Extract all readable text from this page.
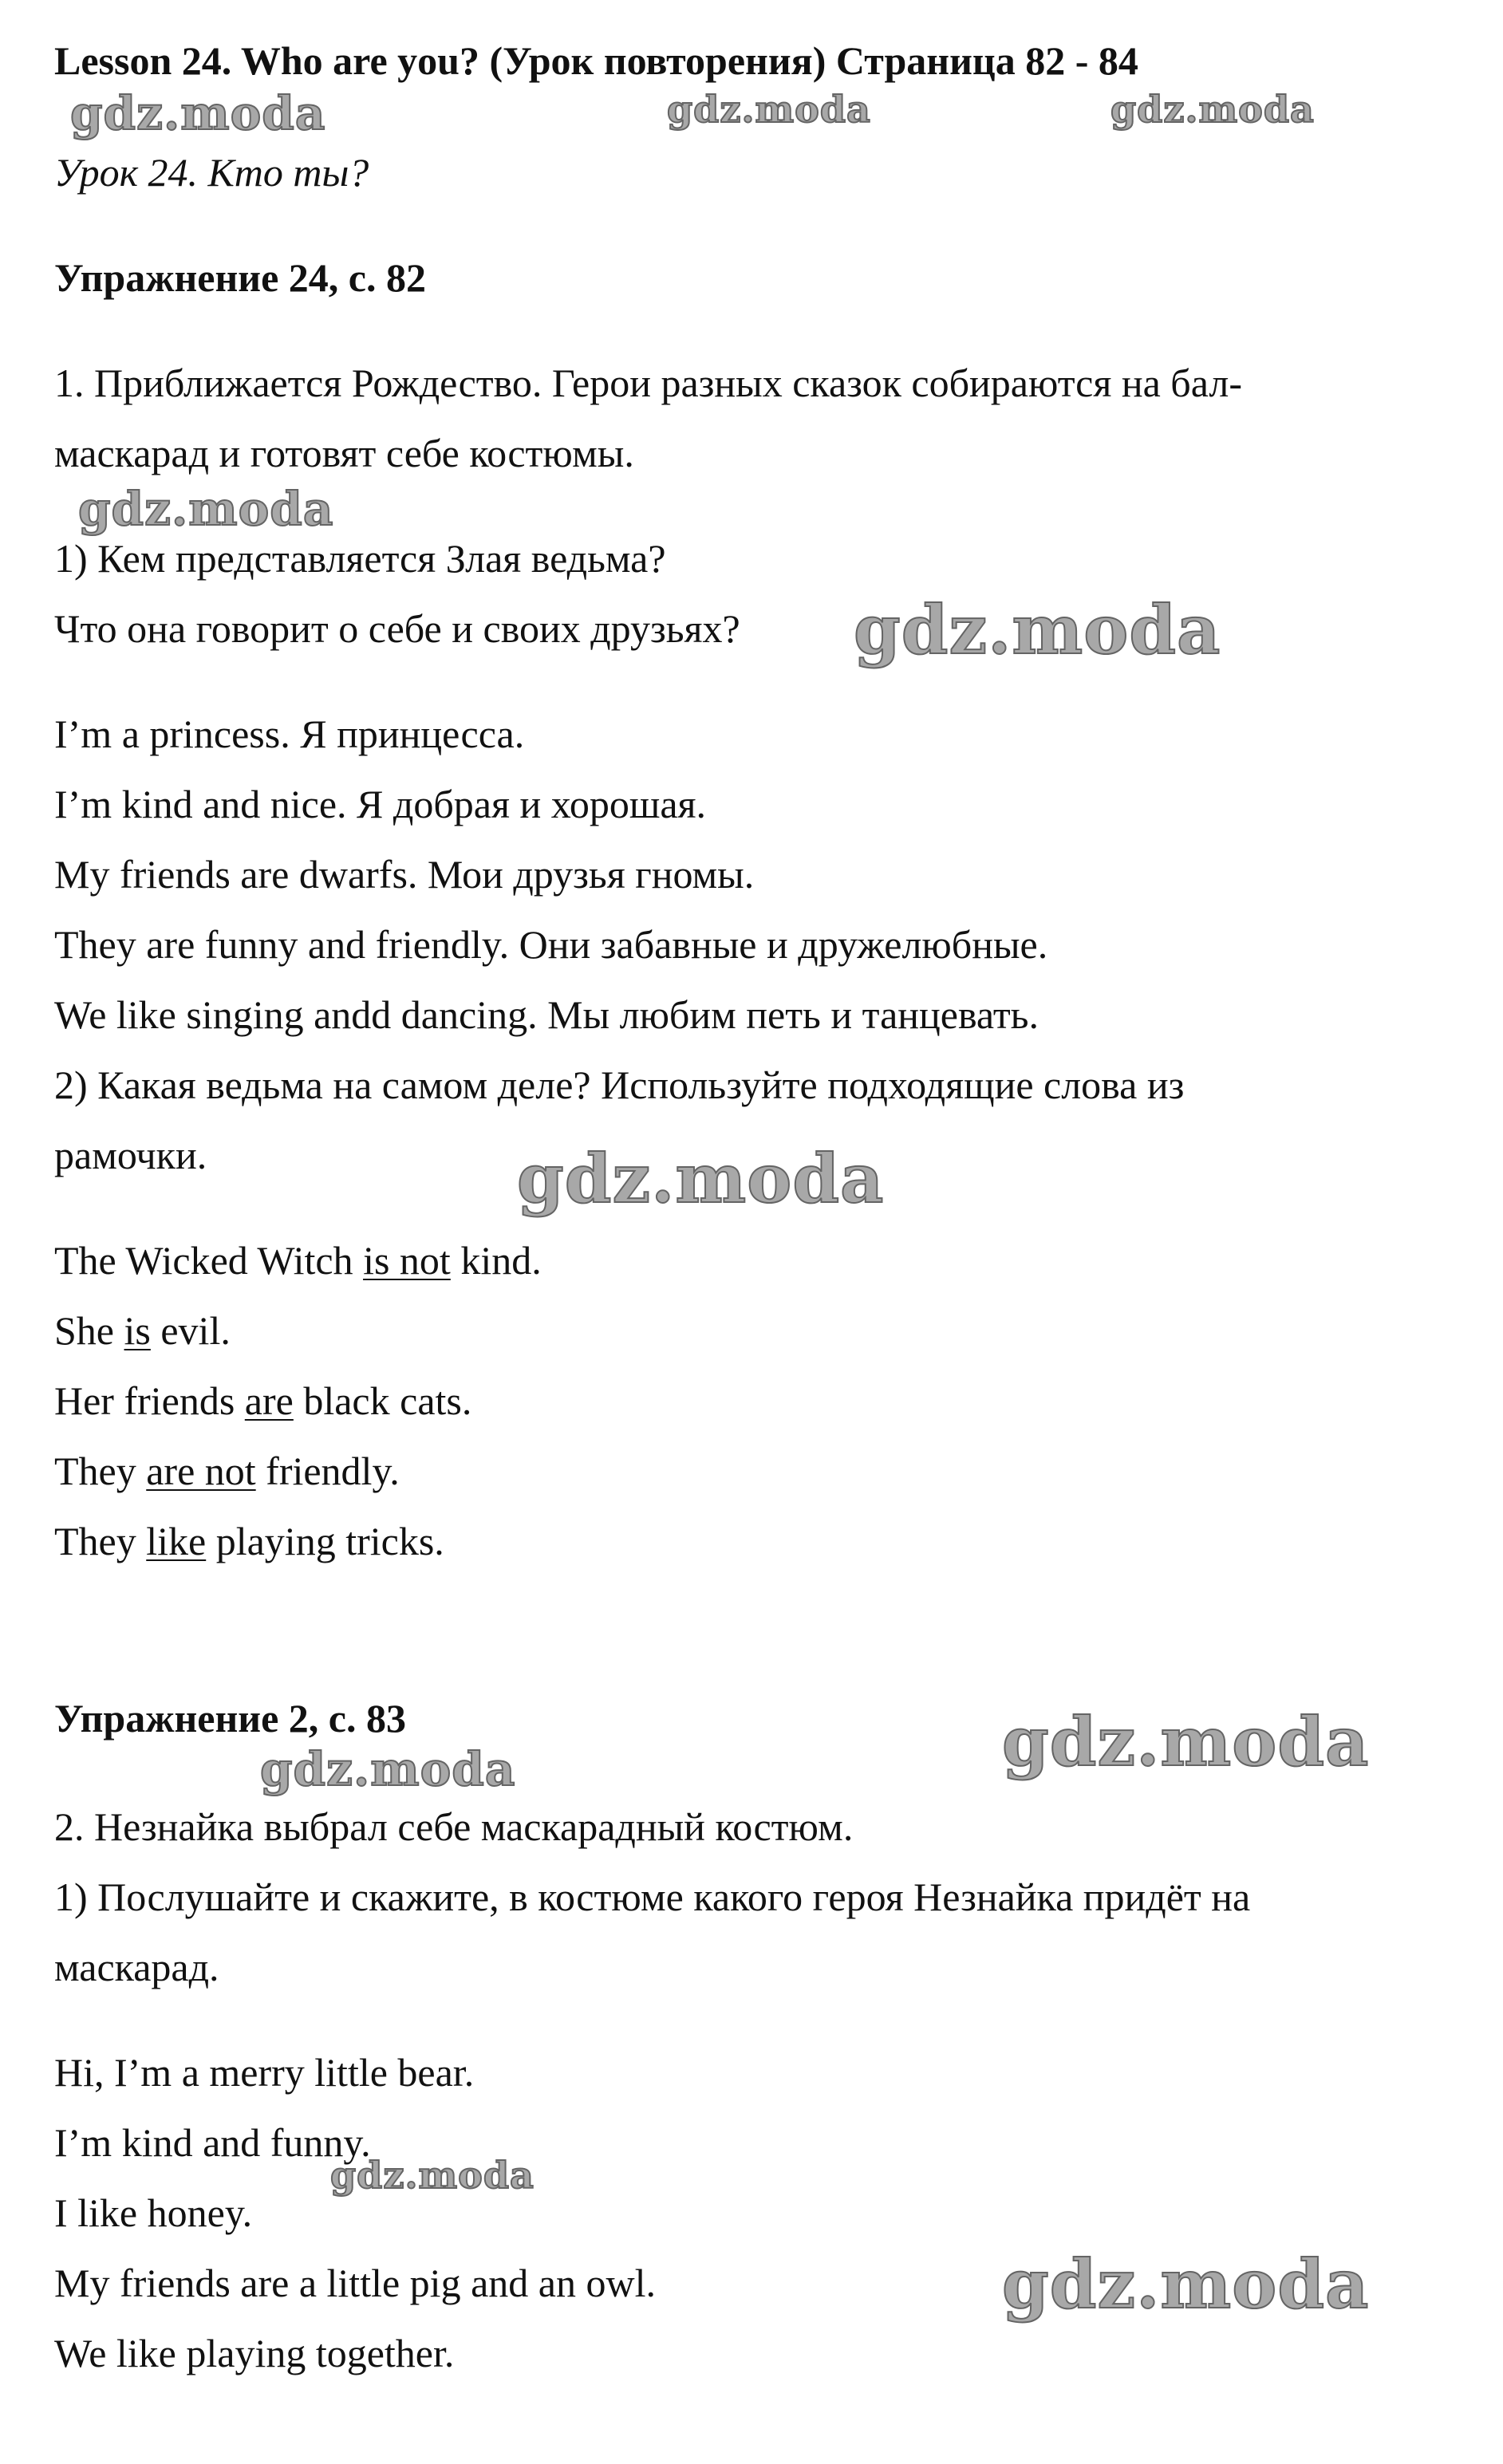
Lesson 24. Who are you? (Урок повторения) Страница 82 - 84
Урок 24. Кто ты?
Упражнение 24, с. 82
1. Приближается Рождество. Герои разных сказок собираются на бал-
маскарад и готовят себе костюмы.
1) Кем представляется Злая ведьма?
Что она говорит о себе и своих друзьях?
I’m a princess. Я принцесса.
I’m kind and nice. Я добрая и хорошая.
My friends are dwarfs. Мои друзья гномы.
They are funny and friendly. Они забавные и дружелюбные.
We like singing andd dancing. Мы любим петь и танцевать.
2) Какая ведьма на самом деле? Используйте подходящие слова из
рамочки.
The Wicked Witch is not kind.
She is evil.
Her friends are black cats.
They are not friendly.
They like playing tricks.
Упражнение 2, с. 83
2. Незнайка выбрал себе маскарадный костюм.
1) Послушайте и скажите, в костюме какого героя Незнайка придёт на
маскарад.
Hi, I’m a merry little bear.
I’m kind and funny.
I like honey.
My friends are a little pig and an owl.
We like playing together.
gdz.moda	gdz.moda	gdz.moda
gdz.moda
gdz.moda
gdz.moda
gdz.moda
gdz.moda
gdz.moda
gdz.moda
